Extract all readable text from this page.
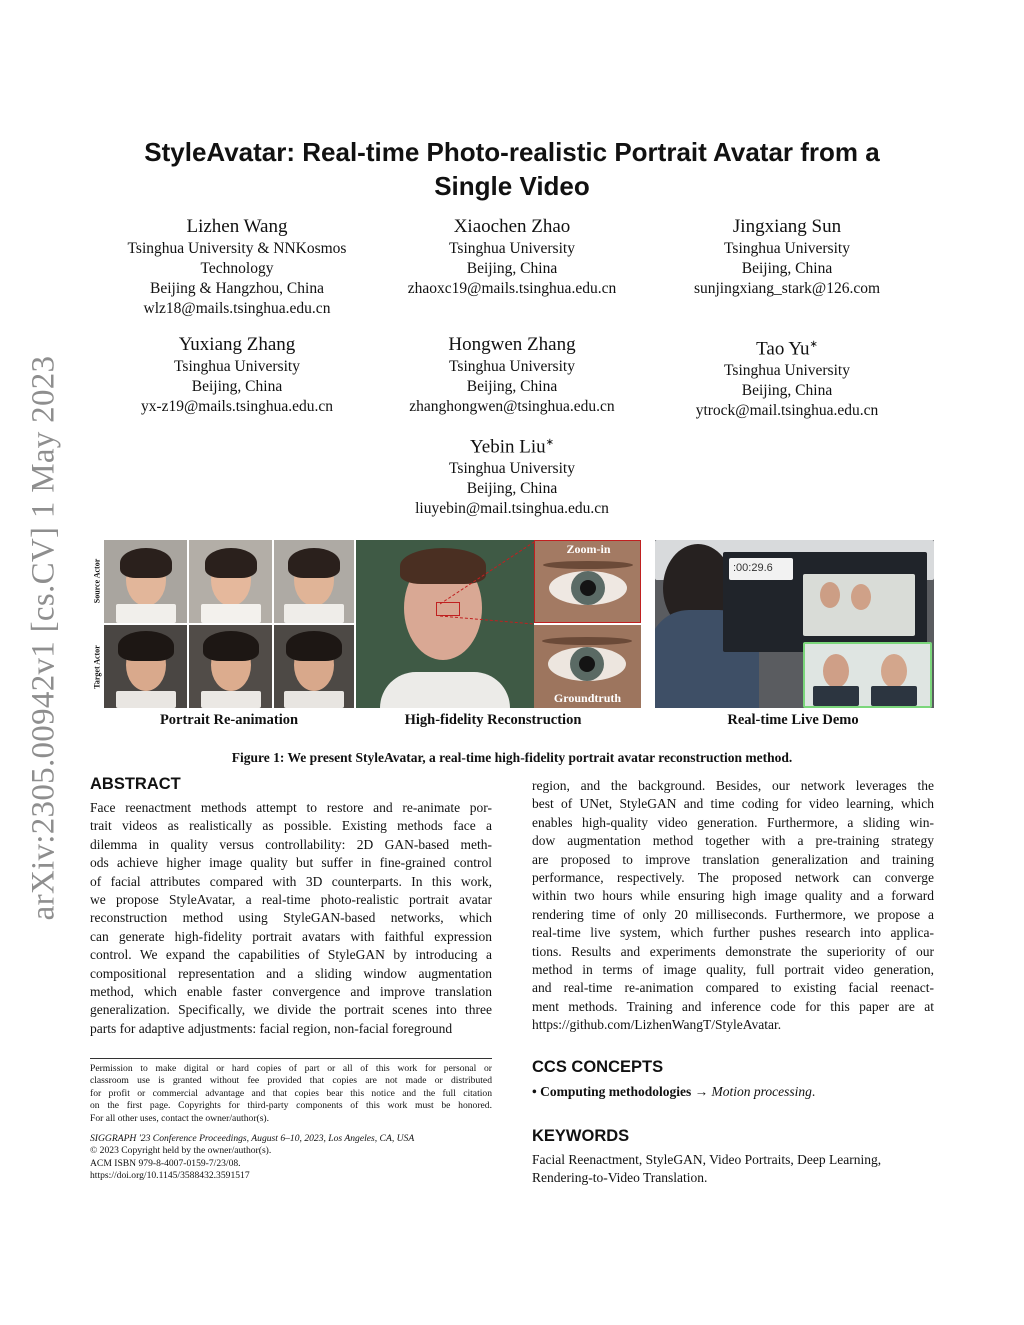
arXiv:2305.00942v1 [cs.CV] 1 May 2023
StyleAvatar: Real-time Photo-realistic Portrait Avatar from a
Single Video
Lizhen Wang
Tsinghua University & NNKosmos
Technology
Beijing & Hangzhou, China
wlz18@mails.tsinghua.edu.cn
Xiaochen Zhao
Tsinghua University
Beijing, China
zhaoxc19@mails.tsinghua.edu.cn
Jingxiang Sun
Tsinghua University
Beijing, China
sunjingxiang_stark@126.com
Yuxiang Zhang
Tsinghua University
Beijing, China
yx-z19@mails.tsinghua.edu.cn
Hongwen Zhang
Tsinghua University
Beijing, China
zhanghongwen@tsinghua.edu.cn
Tao Yu∗
Tsinghua University
Beijing, China
ytrock@mail.tsinghua.edu.cn
Yebin Liu∗
Tsinghua University
Beijing, China
liuyebin@mail.tsinghua.edu.cn
Source Actor
Target Actor
Zoom-in
Groundtruth
:00:29.6
Portrait Re-animation	High-fidelity Reconstruction	Real-time Live Demo
Figure 1: We present StyleAvatar, a real-time high-fidelity portrait avatar reconstruction method.
ABSTRACT
Face reenactment methods attempt to restore and re-animate por-
trait videos as realistically as possible. Existing methods face a
dilemma in quality versus controllability: 2D GAN-based meth-
ods achieve higher image quality but suffer in fine-grained control
of facial attributes compared with 3D counterparts. In this work,
we propose StyleAvatar, a real-time photo-realistic portrait avatar
reconstruction method using StyleGAN-based networks, which
can generate high-fidelity portrait avatars with faithful expression
control. We expand the capabilities of StyleGAN by introducing a
compositional representation and a sliding window augmentation
method, which enable faster convergence and improve translation
generalization. Specifically, we divide the portrait scenes into three
parts for adaptive adjustments: facial region, non-facial foreground
region, and the background. Besides, our network leverages the
best of UNet, StyleGAN and time coding for video learning, which
enables high-quality video generation. Furthermore, a sliding win-
dow augmentation method together with a pre-training strategy
are proposed to improve translation generalization and training
performance, respectively. The proposed network can converge
within two hours while ensuring high image quality and a forward
rendering time of only 20 milliseconds. Furthermore, we propose a
real-time live system, which further pushes research into applica-
tions. Results and experiments demonstrate the superiority of our
method in terms of image quality, full portrait video generation,
and real-time re-animation compared to existing facial reenact-
ment methods. Training and inference code for this paper are at
https://github.com/LizhenWangT/StyleAvatar.
Permission to make digital or hard copies of part or all of this work for personal or
classroom use is granted without fee provided that copies are not made or distributed
for profit or commercial advantage and that copies bear this notice and the full citation
on the first page. Copyrights for third-party components of this work must be honored.
For all other uses, contact the owner/author(s).
SIGGRAPH '23 Conference Proceedings, August 6–10, 2023, Los Angeles, CA, USA
© 2023 Copyright held by the owner/author(s).
ACM ISBN 979-8-4007-0159-7/23/08.
https://doi.org/10.1145/3588432.3591517
CCS CONCEPTS
• Computing methodologies → Motion processing.
KEYWORDS
Facial Reenactment, StyleGAN, Video Portraits, Deep Learning,
Rendering-to-Video Translation.
